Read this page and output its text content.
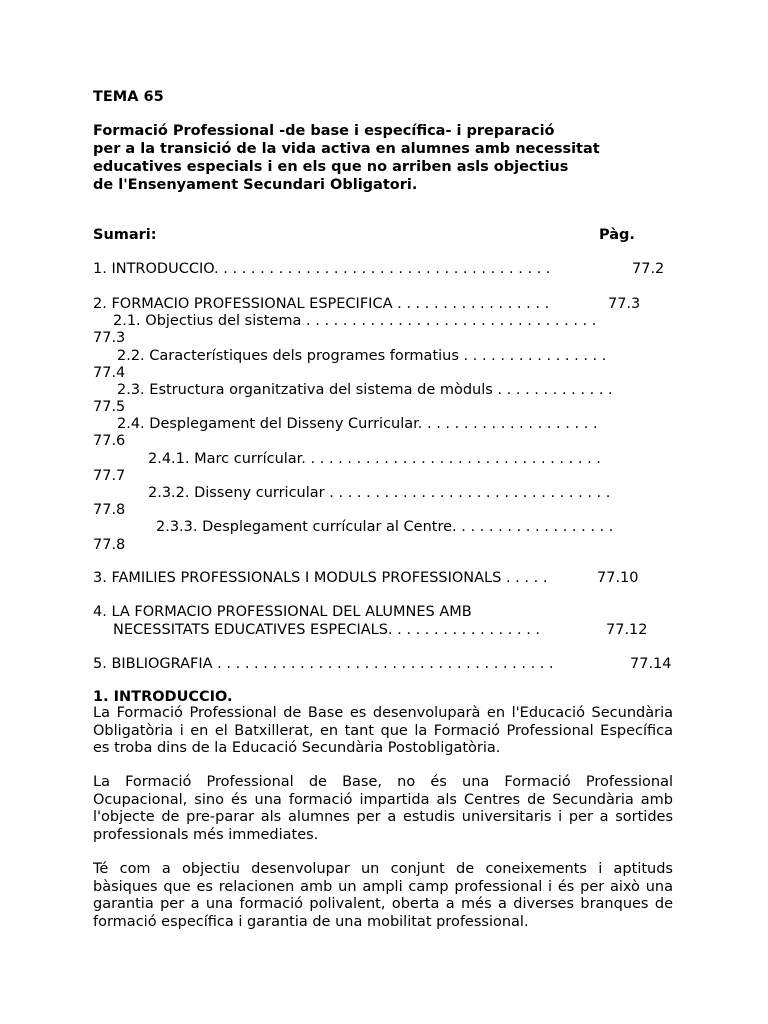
TEMA 65
Formació Professional -de base i específica- i preparació
per a la transició de la vida activa en alumnes amb necessitat
educatives especials i en els que no arriben asls objectius
de l'Ensenyament Secundari Obligatori.
Sumari:	Pàg.
1. INTRODUCCIO. . . . . . . . . . . . . . . . . . . . . . . . . . . . . . . . . . . . .	77.2
2. FORMACIO PROFESSIONAL ESPECIFICA . . . . . . . . . . . . . . . . .	77.3
2.1. Objectius del sistema . . . . . . . . . . . . . . . . . . . . . . . . . . . . . . . .
77.3
2.2. Característiques dels programes formatius . . . . . . . . . . . . . . . .
77.4
2.3. Estructura organitzativa del sistema de mòduls . . . . . . . . . . . . .
77.5
2.4. Desplegament del Disseny Curricular. . . . . . . . . . . . . . . . . . . .
77.6
2.4.1. Marc currícular. . . . . . . . . . . . . . . . . . . . . . . . . . . . . . . . .
77.7
2.3.2. Disseny curricular . . . . . . . . . . . . . . . . . . . . . . . . . . . . . . .
77.8
2.3.3. Desplegament currícular al Centre. . . . . . . . . . . . . . . . . .
77.8
3. FAMILIES PROFESSIONALS I MODULS PROFESSIONALS . . . . .	77.10
4. LA FORMACIO PROFESSIONAL DEL ALUMNES AMB
NECESSITATS EDUCATIVES ESPECIALS. . . . . . . . . . . . . . . . .	77.12
5. BIBLIOGRAFIA . . . . . . . . . . . . . . . . . . . . . . . . . . . . . . . . . . . . .	77.14
1. INTRODUCCIO.
La Formació Professional de Base es desenvoluparà en l'Educació Secundària Obligatòria i en el Batxillerat, en tant que la Formació Professional Específica es troba dins de la Educació Secundària Postobligatòria.
La Formació Professional de Base, no és una Formació Professional Ocupacional, sino és una formació impartida als Centres de Secundària amb l'objecte de pre-parar als alumnes per a estudis universitaris i per a sortides professionals més immediates.
Té com a objectiu desenvolupar un conjunt de coneixements i aptituds bàsiques que es relacionen amb un ampli camp professional i és per això una garantia per a una formació polivalent, oberta a més a diverses branques de formació específica i garantia de una mobilitat professional.
